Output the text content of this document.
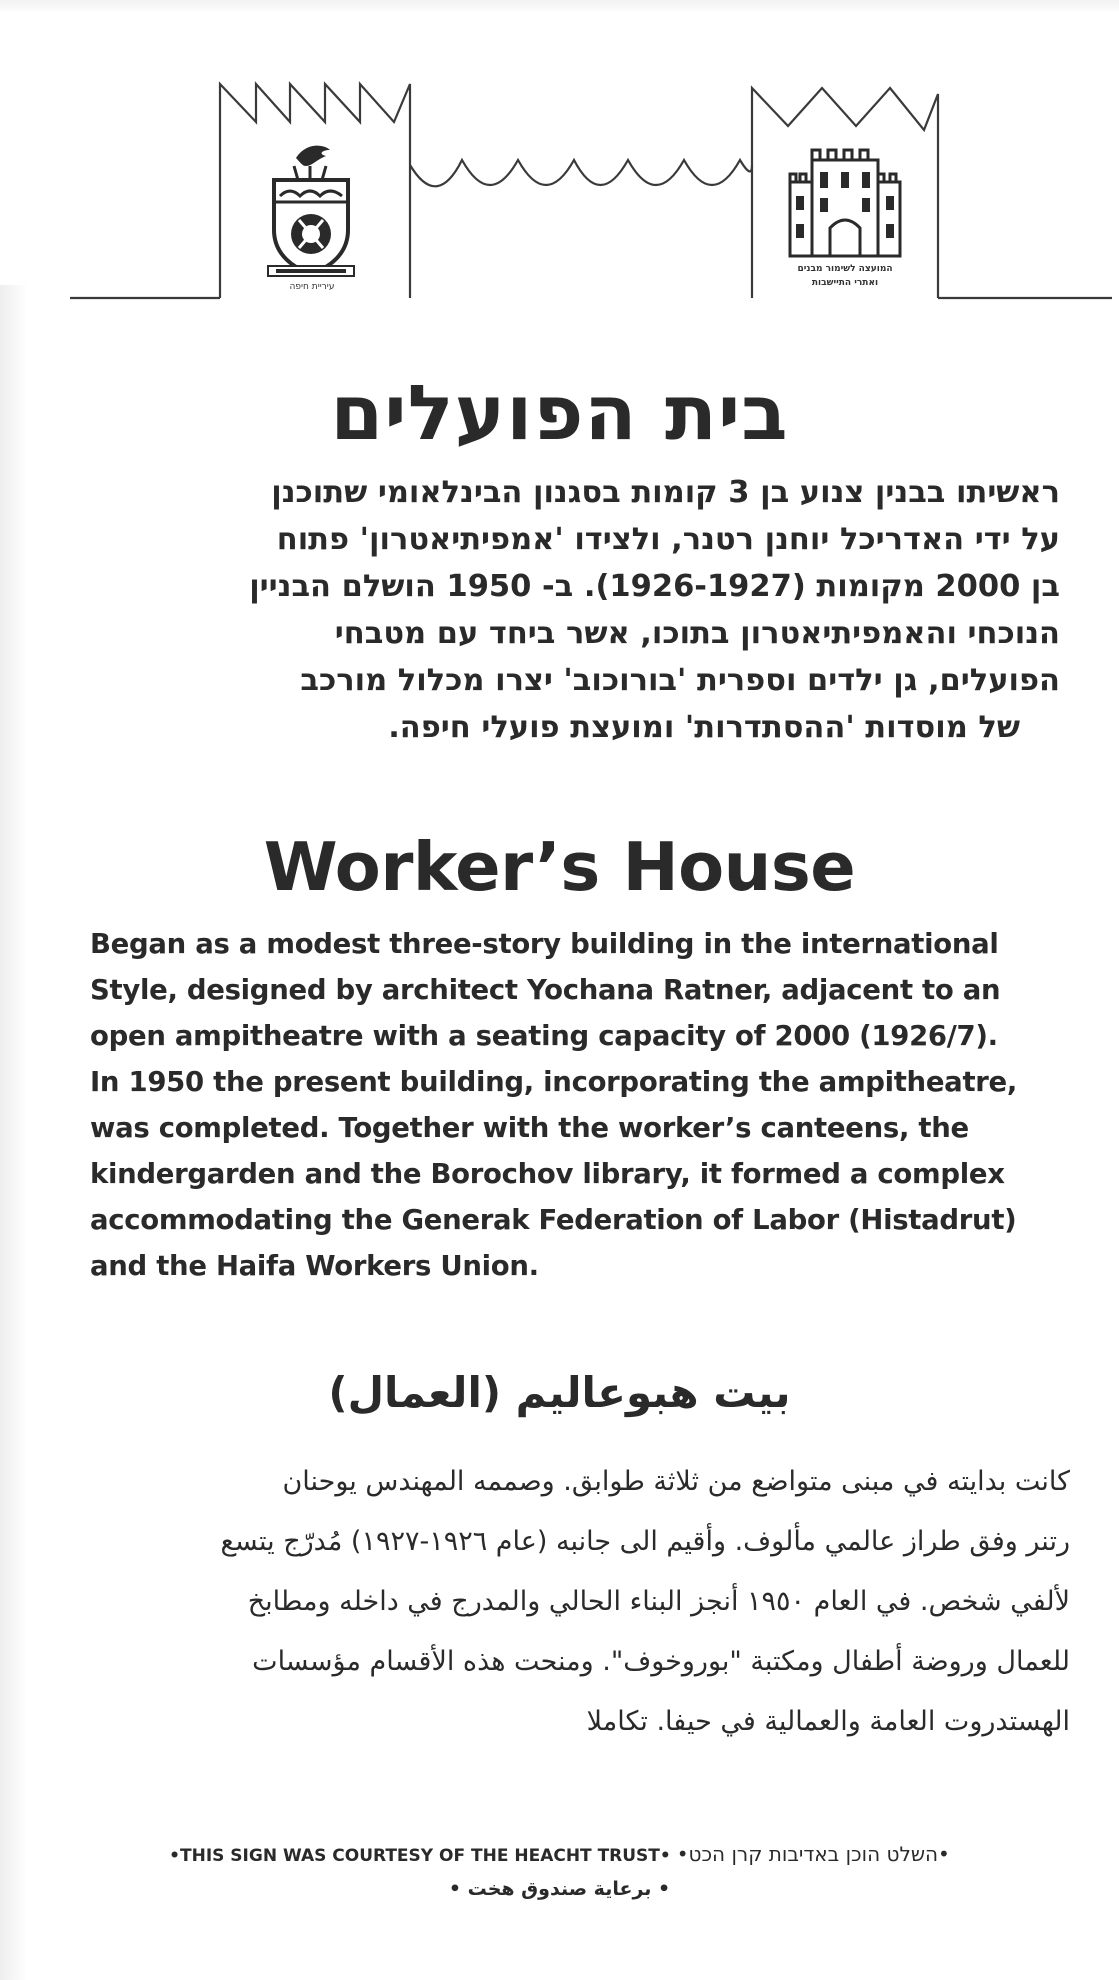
עיריית חיפה
המועצה לשימור מבנים
ואתרי התיישבות
בית הפועלים
ראשיתו בבנין צנוע בן 3 קומות בסגנון הבינלאומי שתוכנן
על ידי האדריכל יוחנן רטנר, ולצידו 'אמפיתיאטרון' פתוח
בן 2000 מקומות (1926-1927). ב- 1950 הושלם הבניין
הנוכחי והאמפיתיאטרון בתוכו, אשר ביחד עם מטבחי
הפועלים, גן ילדים וספרית 'בורוכוב' יצרו מכלול מורכב
של מוסדות 'ההסתדרות' ומועצת פועלי חיפה.
Worker’s House
Began as a modest three-story building in the international
Style, designed by architect Yochana Ratner, adjacent to an
open ampitheatre with a seating capacity of 2000 (1926/7).
In 1950 the present building, incorporating the ampitheatre,
was completed. Together with the worker’s canteens, the
kindergarden and the Borochov library, it formed a complex
accommodating the Generak Federation of Labor (Histadrut)
and the Haifa Workers Union.
بيت هبوعاليم (العمال)
كانت بدايته في مبنى متواضع من ثلاثة طوابق. وصممه المهندس يوحنان
رتنر وفق طراز عالمي مألوف. وأقيم الى جانبه (عام ١٩٢٦-١٩٢٧) مُدرّج يتسع
لألفي شخص. في العام ١٩٥٠ أنجز البناء الحالي والمدرج في داخله ومطابخ
للعمال وروضة أطفال ومكتبة "بوروخوف". ومنحت هذه الأقسام مؤسسات
الهستدروت العامة والعمالية في حيفا. تكاملا
•THIS SIGN WAS COURTESY OF THE HEACHT TRUST• •השלט הוכן באדיבות קרן הכט•
• برعاية صندوق هخت •
